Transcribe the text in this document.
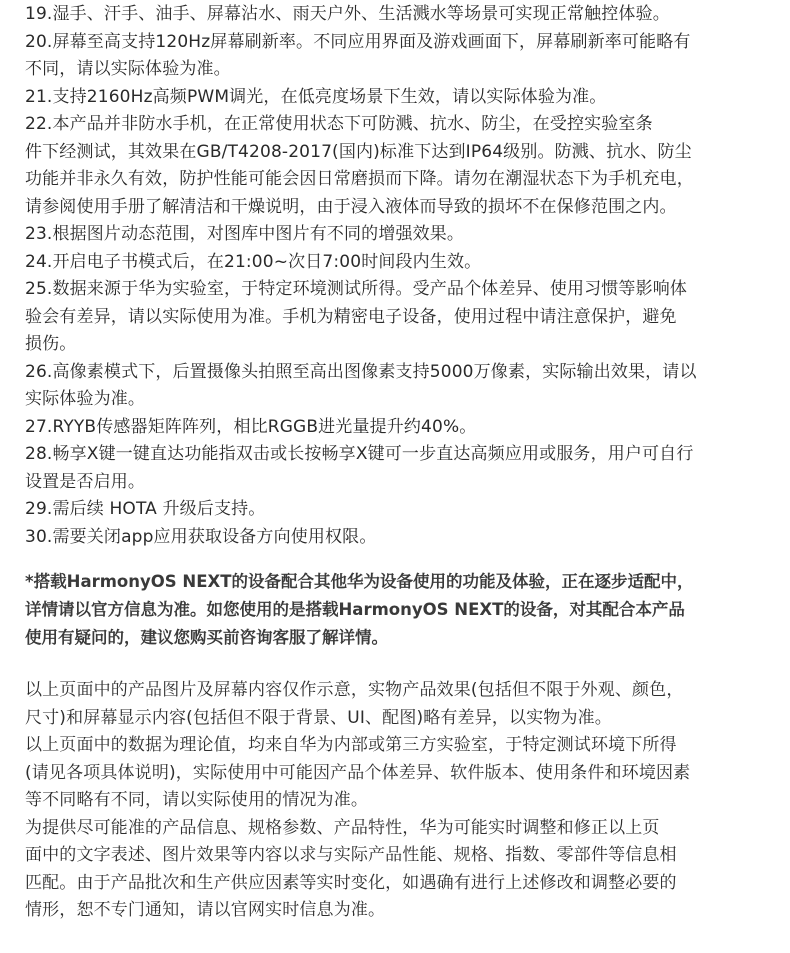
19.湿手、汗手、油手、屏幕沾水、雨天户外、生活溅水等场景可实现正常触控体验。
20.屏幕至高支持120Hz屏幕刷新率。不同应用界面及游戏画面下，屏幕刷新率可能略有
不同，请以实际体验为准。
21.支持2160Hz高频PWM调光，在低亮度场景下生效，请以实际体验为准。
22.本产品并非防水手机，在正常使用状态下可防溅、抗水、防尘，在受控实验室条
件下经测试，其效果在GB/T4208-2017(国内)标准下达到IP64级别。防溅、抗水、防尘
功能并非永久有效，防护性能可能会因日常磨损而下降。请勿在潮湿状态下为手机充电，
请参阅使用手册了解清洁和干燥说明，由于浸入液体而导致的损坏不在保修范围之内。
23.根据图片动态范围，对图库中图片有不同的增强效果。
24.开启电子书模式后，在21:00~次日7:00时间段内生效。
25.数据来源于华为实验室，于特定环境测试所得。受产品个体差异、使用习惯等影响体
验会有差异，请以实际使用为准。手机为精密电子设备，使用过程中请注意保护，避免
损伤。
26.高像素模式下，后置摄像头拍照至高出图像素支持5000万像素，实际输出效果，请以
实际体验为准。
27.RYYB传感器矩阵阵列，相比RGGB进光量提升约40%。
28.畅享X键一键直达功能指双击或长按畅享X键可一步直达高频应用或服务，用户可自行
设置是否启用。
29.需后续 HOTA 升级后支持。
30.需要关闭app应用获取设备方向使用权限。

*搭载HarmonyOS NEXT的设备配合其他华为设备使用的功能及体验，正在逐步适配中，
详情请以官方信息为准。如您使用的是搭载HarmonyOS NEXT的设备，对其配合本产品
使用有疑问的，建议您购买前咨询客服了解详情。

以上页面中的产品图片及屏幕内容仅作示意，实物产品效果(包括但不限于外观、颜色，
尺寸)和屏幕显示内容(包括但不限于背景、UI、配图)略有差异，以实物为准。

以上页面中的数据为理论值，均来自华为内部或第三方实验室，于特定测试环境下所得
(请见各项具体说明)，实际使用中可能因产品个体差异、软件版本、使用条件和环境因素
等不同略有不同，请以实际使用的情况为准。

为提供尽可能准的产品信息、规格参数、产品特性，华为可能实时调整和修正以上页
面中的文字表述、图片效果等内容以求与实际产品性能、规格、指数、零部件等信息相
匹配。由于产品批次和生产供应因素等实时变化，如遇确有进行上述修改和调整必要的
情形，恕不专门通知，请以官网实时信息为准。
